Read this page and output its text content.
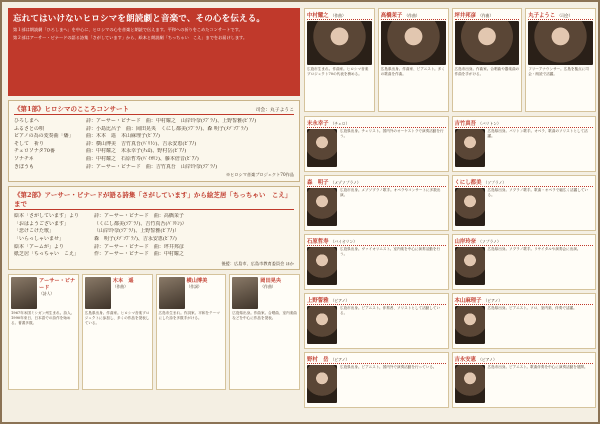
忘れてはいけないヒロシマを朗読劇と音楽で、その心を伝える。

第１部は朗読劇「ひろしまへ」を中心に、ヒロシマの心を音楽と朗読で伝えます。平和への祈りをこめたコンサートです。

第２部はアーサー・ビナードの語る詩集「さがしています」から、絵本と朗読劇「ちっちゃい　こえ」までをお届けします。

《第1部》ヒロシマのこころコンサート	司会：丸子ようこ
ひろしまへ	詩：アーサー・ビナード　曲：中村耀之　山岸玲奈(ｿﾌﾟﾗﾉ)、上野誓雅(ﾋﾟｱﾉ)
ふるさとの唄	詩：小島比呂子　曲：岡田晃央　くにし都美(ｿﾌﾟﾗﾉ)、森 明子(ﾒｿﾞｿﾌﾟﾗﾉ)
ピアノの為の変奏曲「燔」	曲：木本　遥　本山麻理子(ﾋﾟｱﾉ)
そして　祈り	詩：横山博美　吉竹真吾(ﾊﾞﾘﾄﾝ)、吉永安恵(ﾋﾟｱﾉ)
チェロソナタ70番	曲：中村耀之　末永幸子(ﾁｪﾛ)、野村岳(ﾋﾟｱﾉ)
ソナチネ	曲：中村耀之　石原哲寿(ﾊﾞｲｵﾘﾝ)、藤本倍音(ﾋﾟｱﾉ)
きぼうも	詩：アーサー・ビナード　曲：吉竹真吾　山岸玲奈(ｿﾌﾟﾗﾉ)
※ヒロシマ音楽プロジェクト70作品
《第2部》アーサー・ビナードが語る詩集「さがしています」から絵芝居「ちっちゃい　こえ」まで
絵本「さがしています」より	詩：アーサー・ビナード　曲：高橋茉子
「おはようございます」	（くにし都美(ｿﾌﾟﾗﾉ)、吉竹真吾(ﾊﾞﾘﾄﾝ)）
「悲けこけた歌」	（山岸玲奈(ｿﾌﾟﾗﾉ)、上野誓雅(ﾋﾟｱﾉ)）
「いらっしゃいませ」	森　明子(ﾒｿﾞｿﾌﾟﾗﾉ)、吉永安恵(ﾋﾟｱﾉ)
絵本「アームが」より	詩：アーサー・ビナード　曲：坪井邦彦
紙芝居「ちっちゃい　こえ」	作：アーサー・ビナード　曲：中村耀之
後援：広島市、広島市教育委員会 ほか
アーサー・ビナード
（詩人）
1967年米国ミシガン州生まれ。詩人。1990年来日、日本語での詩作を始める。著書多数。
木本　遥
（作曲）
広島県出身。作曲家。ヒロシマ音楽プロジェクトに参加し、多くの作品を発表している。
横山博美
（作詞）
広島市生まれ。作詞家。平和をテーマにした詩を多数手がける。
岡田晃央
（作曲）
広島県出身。作曲家。合唱曲、室内楽曲などを中心に作品を発表。
中村耀之 （作曲）
広島市生まれ。作曲家。ヒロシマ音楽プロジェクト70の代表を務める。
高橋茉子 （作曲）
広島県出身。作曲家、ピアニスト。多くの歌曲を作曲。
坪井邦彦 （作曲）
広島市出身。作曲家。合唱曲や器楽曲の作曲を手がける。
丸子ようこ （司会）
フリーアナウンサー。広島を拠点に司会・朗読で活躍。
末永幸子 （チェロ）
広島県出身。チェリスト。国内外のオーケストラで演奏活動を行う。
吉竹真吾 （バリトン）
広島県出身。バリトン歌手。オペラ、歌曲のソリストとして活躍。
森　明子 （メゾソプラノ）
広島市出身。メゾソプラノ歌手。オペラやコンサートに多数出演。
くにし都美 （ソプラノ）
広島県出身。ソプラノ歌手。歌曲・オペラで幅広く活躍している。
石原哲寿 （バイオリン）
広島県出身。ヴァイオリニスト。室内楽を中心に演奏活動を行う。
山岸玲奈 （ソプラノ）
広島県出身。ソプラノ歌手。リサイタルや演奏会に出演。
上野誓雅 （ピアノ）
広島市出身。ピアニスト。伴奏者、ソリストとして活動している。
本山麻理子 （ピアノ）
広島県出身。ピアニスト。ソロ、室内楽、伴奏で活躍。
野村　岳 （ピアノ）
広島県出身。ピアニスト。国内外で演奏活動を行っている。
吉永安恵 （ピアノ）
広島市出身。ピアニスト。歌曲伴奏を中心に演奏活動を展開。
